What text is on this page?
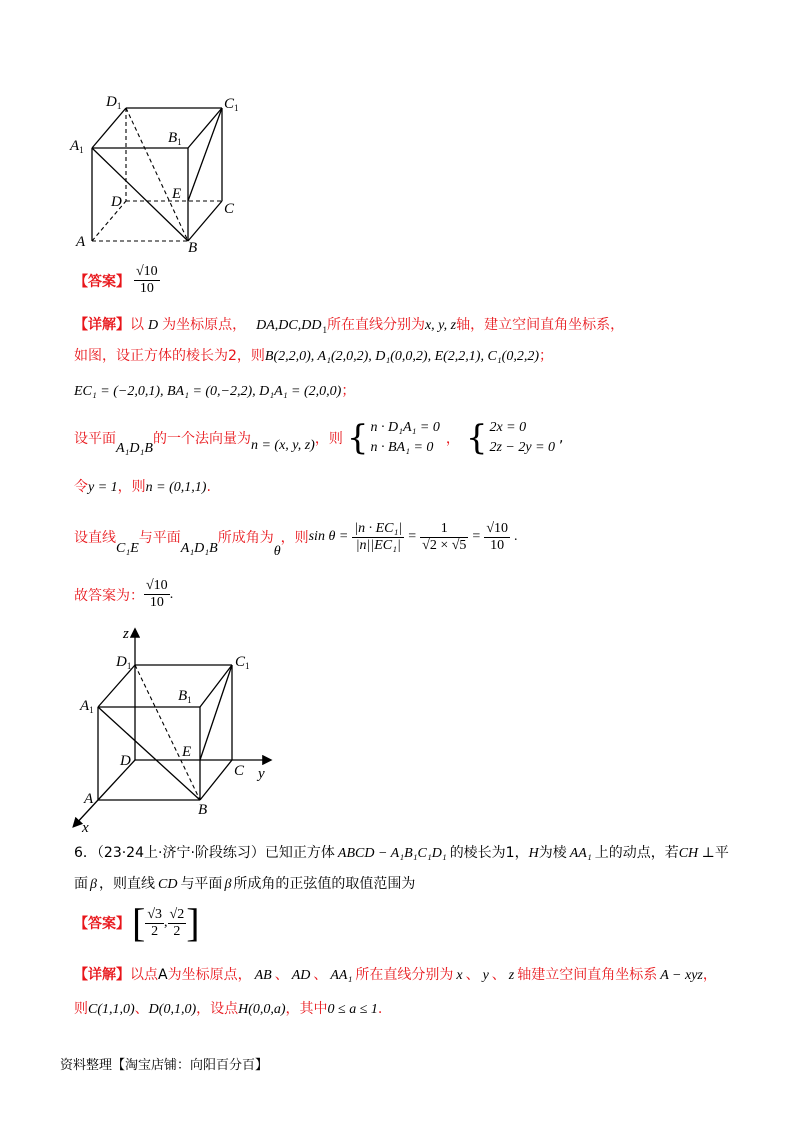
$D_1$	$C_1$
$A_1$
$B_1$
D	E
C
A	B
【答案】 $\frac{√10}{10}$
【详解】以 D 为坐标原点， $DA,DC,DD_1$所在直线分别为x, y, z轴，建立空间直角坐标系，
如图，设正方体的棱长为2，则B(2,2,0), A₁(2,0,2), D₁(0,0,2), E(2,2,1), C₁(0,2,2)；
EC₁ = (−2,0,1), BA₁ = (0,−2,2), D₁A₁ = (2,0,0)；
设平面
A₁D₁B
的一个法向量为 n = (x, y, z) ，则 { n · D₁A₁ = 0
n · BA₁ = 0
， { 2x = 0
2z − 2y = 0
,
令y = 1，则n = (0,1,1).
设直线
C₁E
与平面
A₁D₁B
所成角为
θ
，则 $\sin \theta = \frac{\text{|n · EC₁|}}{\text{|n||EC₁|}} = \frac{1}{√2 \times √5} = \frac{√10}{10}$ .
故答案为： $\frac{√10}{10}$ .
z
y
x
$D_1$	$C_1$
$A_1$
$B_1$
D
E
C
A
B
6．（23·24上·济宁·阶段练习）已知正方体 ABCD − A₁B₁C₁D₁ 的棱长为1，H为棱 AA₁ 上的动点，若CH ⊥平
面 β ，则直线 CD 与平面 β 所成角的正弦值的取值范围为
【答案】 [ $\frac{√3}{2}$ , $\frac{√2}{2}$ ]
【详解】以点A为坐标原点， AB 、 AD 、 AA₁ 所在直线分别为 x 、 y 、 z 轴建立空间直角坐标系 A − xyz，
则C(1,1,0)、D(0,1,0)，设点H(0,0,a)，其中0 ≤ a ≤ 1.
资料整理【淘宝店铺：向阳百分百】
